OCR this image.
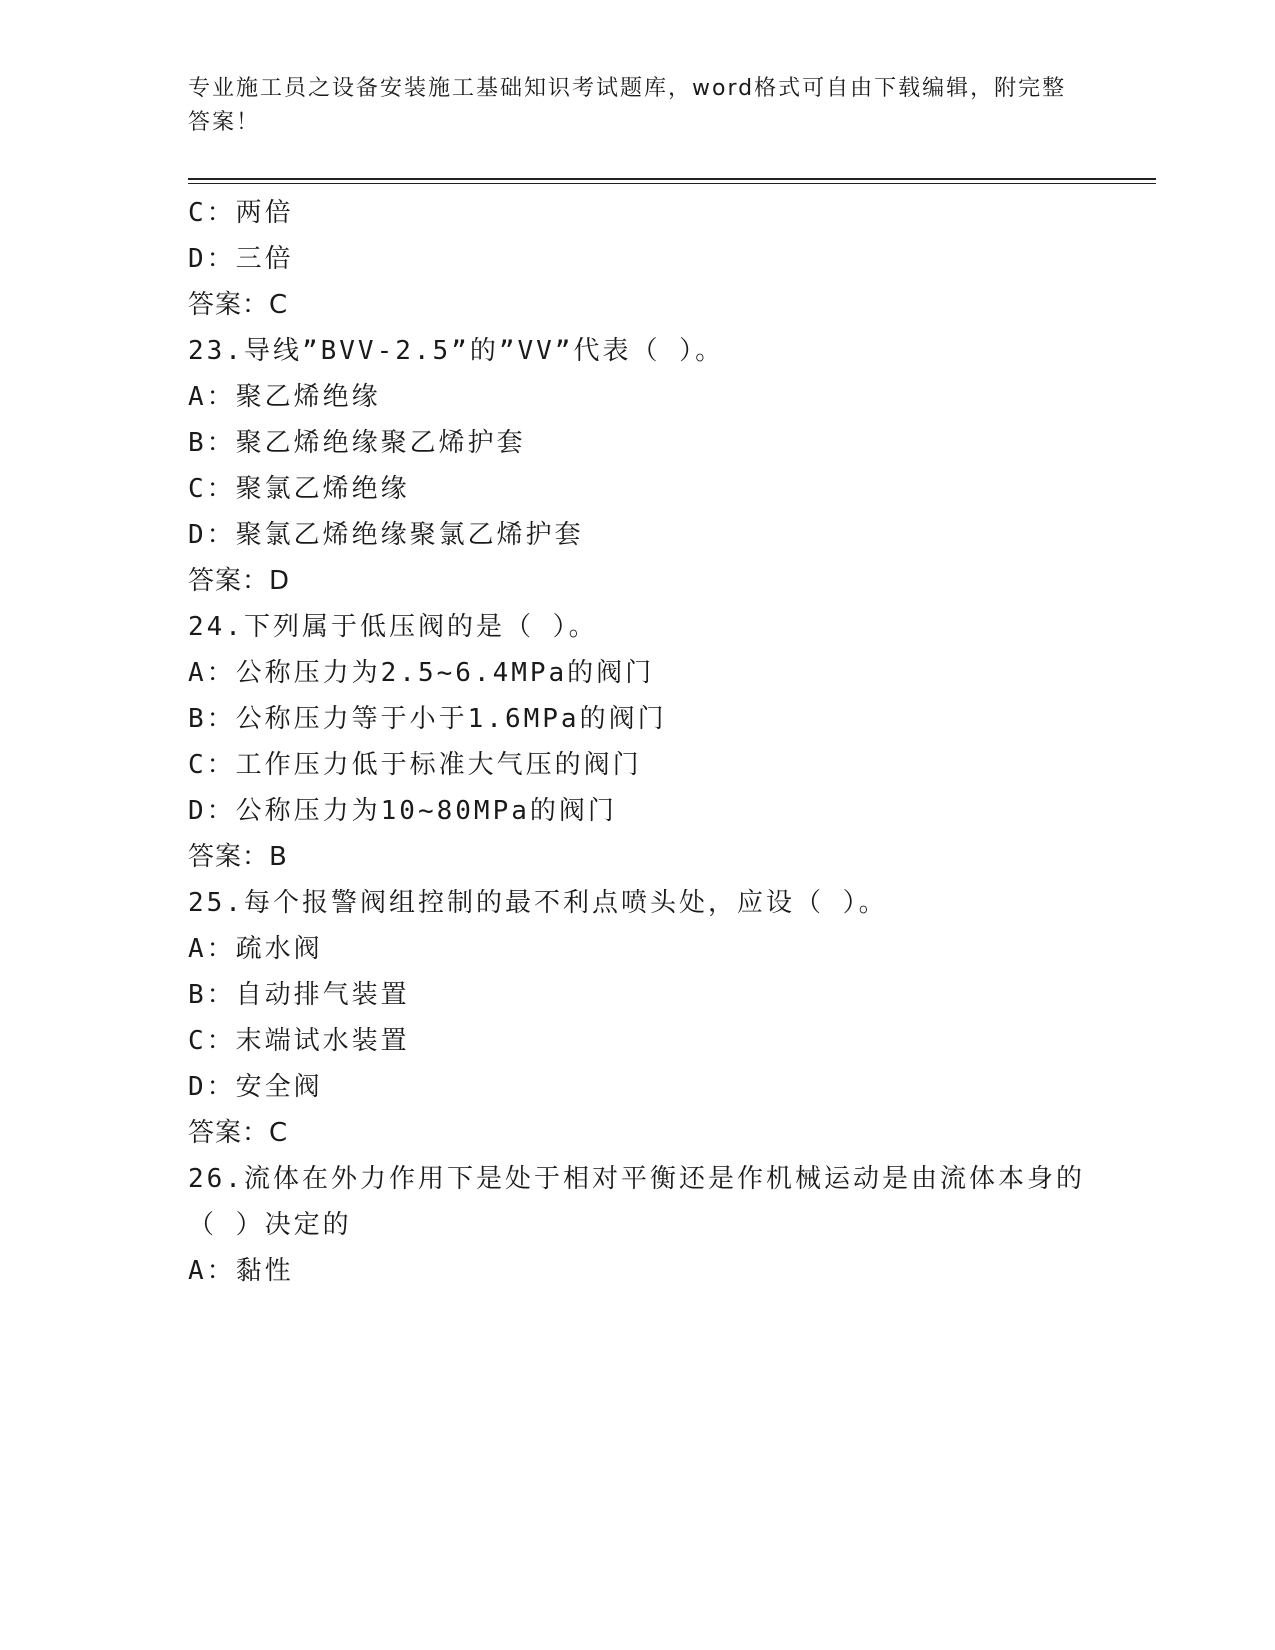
专业施工员之设备安装施工基础知识考试题库，word格式可自由下载编辑，附完整答案！
C：两倍
D：三倍
答案：C
23.导线”BVV-2.5”的”VV”代表（ ）。
A：聚乙烯绝缘
B：聚乙烯绝缘聚乙烯护套
C：聚氯乙烯绝缘
D：聚氯乙烯绝缘聚氯乙烯护套
答案：D
24.下列属于低压阀的是（ ）。
A：公称压力为2.5~6.4MPa的阀门
B：公称压力等于小于1.6MPa的阀门
C：工作压力低于标准大气压的阀门
D：公称压力为10~80MPa的阀门
答案：B
25.每个报警阀组控制的最不利点喷头处，应设（ ）。
A：疏水阀
B：自动排气装置
C：末端试水装置
D：安全阀
答案：C
26.流体在外力作用下是处于相对平衡还是作机械运动是由流体本身的
（ ）决定的
A：黏性
